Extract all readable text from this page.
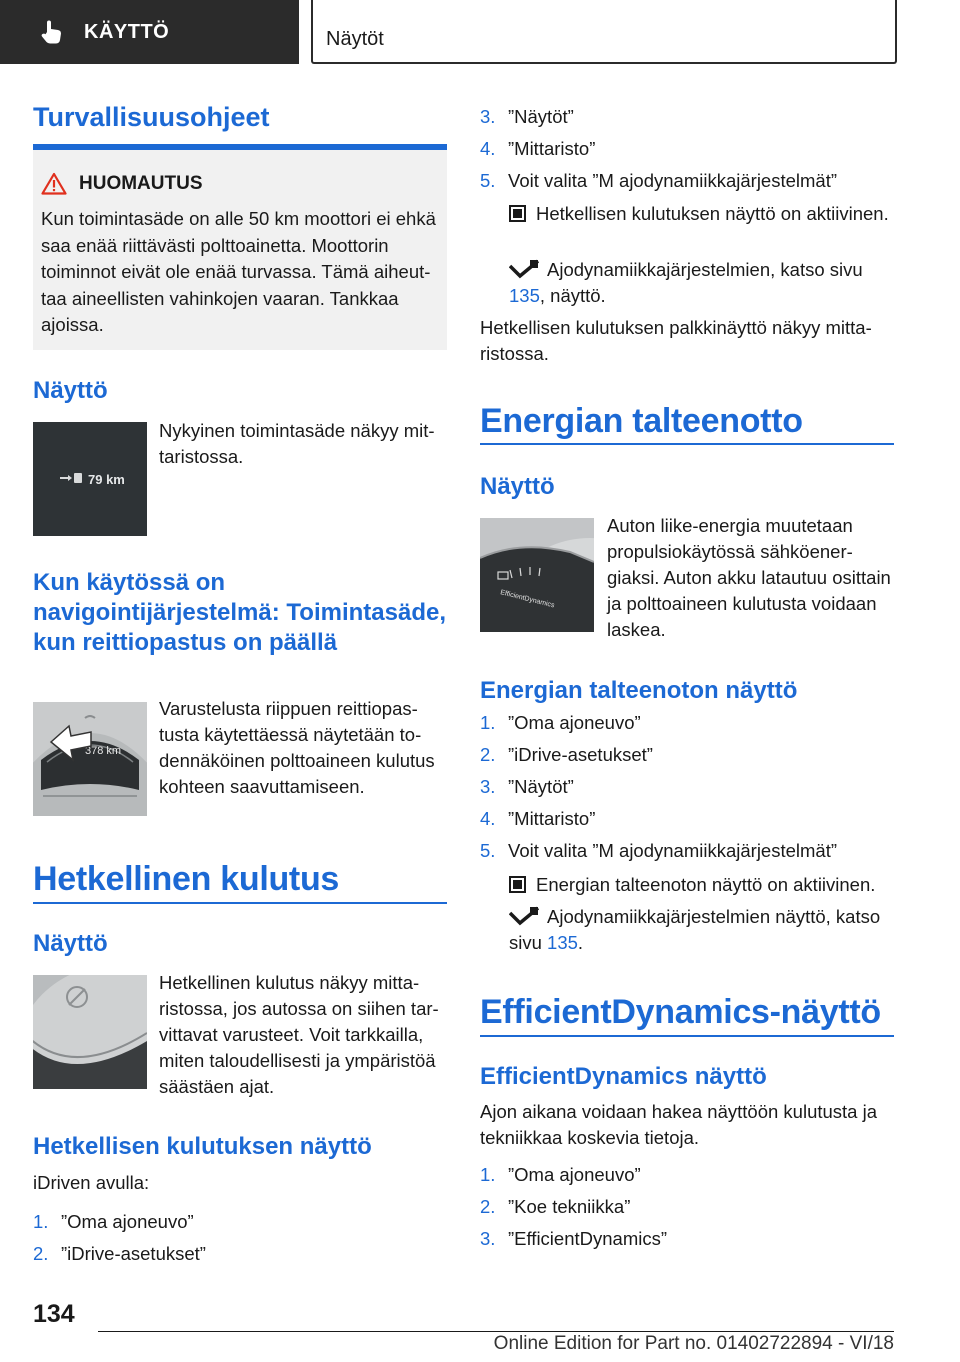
KÄYTTÖ	Näytöt
Turvallisuusohjeet
HUOMAUTUS
Kun toimintasäde on alle 50 km moottori ei ehkä saa enää riittävästi polttoainetta. Moottorin toiminnot eivät ole enää turvassa. Tämä aiheuttaa aineellisten vahinkojen vaaran. Tankkaa ajoissa.
Näyttö
79 km
Nykyinen toimintasäde näkyy mittaristossa.
Kun käytössä on navigointijärjestelmä: Toimintasäde, kun reittiopastus on päällä
378 km
Varustelusta riippuen reittiopastusta käytettäessä näytetään todennäköinen polttoaineen kulutus kohteen saavuttamiseen.
Hetkellinen kulutus
Näyttö
Hetkellinen kulutus näkyy mittaristossa, jos autossa on siihen tarvittavat varusteet. Voit tarkkailla, miten taloudellisesti ja ympäristöä säästäen ajat.
Hetkellisen kulutuksen näyttö
iDriven avulla:
1. ”Oma ajoneuvo”
2. ”iDrive-asetukset”
3. ”Näytöt”
4. ”Mittaristo”
5. Voit valita ”M ajodynamiikkajärjestelmät”
Hetkellisen kulutuksen näyttö on aktiivinen.
Ajodynamiikkajärjestelmien, katso sivu 135, näyttö.
Hetkellisen kulutuksen palkkinäyttö näkyy mittaristossa.
Energian talteenotto
Näyttö
EfficientDynamics
Auton liike-energia muutetaan propulsiokäytössä sähköenergiaksi. Auton akku latautuu osittain ja polttoaineen kulutusta voidaan laskea.
Energian talteenoton näyttö
1. ”Oma ajoneuvo”
2. ”iDrive-asetukset”
3. ”Näytöt”
4. ”Mittaristo”
5. Voit valita ”M ajodynamiikkajärjestelmät”
Energian talteenoton näyttö on aktiivinen.
Ajodynamiikkajärjestelmien näyttö, katso sivu 135.
EfficientDynamics-näyttö
EfficientDynamics näyttö
Ajon aikana voidaan hakea näyttöön kulutusta ja tekniikkaa koskevia tietoja.
1. ”Oma ajoneuvo”
2. ”Koe tekniikka”
3. ”EfficientDynamics”
134
Online Edition for Part no. 01402722894 - VI/18
